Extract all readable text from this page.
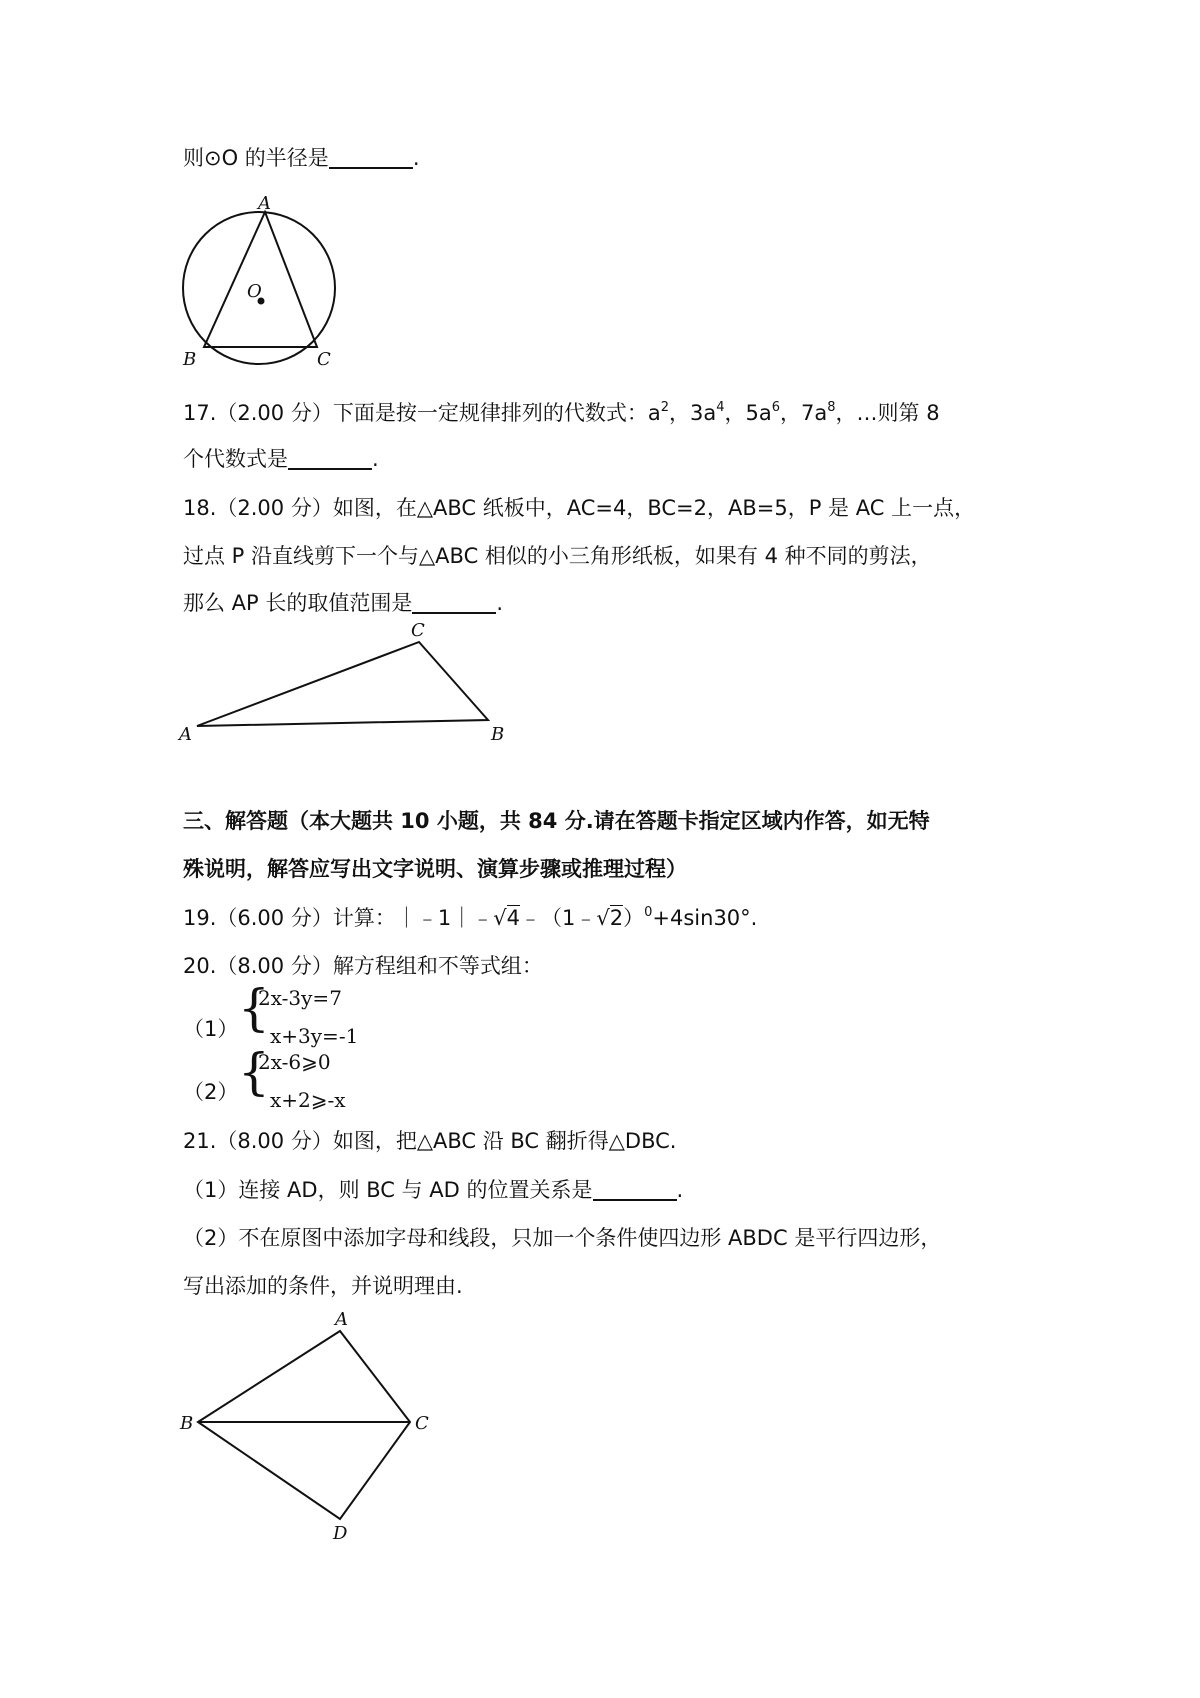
则⊙O 的半径是	.
A
O
B	C
17.（2.00 分）下面是按一定规律排列的代数式：$a^2$，$3a^4$，$5a^6$，$7a^8$，…则第 8
个代数式是	.
18.（2.00 分）如图，在△ABC 纸板中，AC=4，BC=2，AB=5，P 是 AC 上一点，
过点 P 沿直线剪下一个与△ABC 相似的小三角形纸板，如果有 4 种不同的剪法，
那么 AP 长的取值范围是	.
A
C
B
三、解答题（本大题共 10 小题，共 84 分.请在答题卡指定区域内作答，如无特
殊说明，解答应写出文字说明、演算步骤或推理过程）
19.（6.00 分）计算：｜﹣1｜﹣√4﹣（1﹣√2）$^0$+4sin30°.
20.（8.00 分）解方程组和不等式组：
（1） {
2x-3y=7
x+3y=-1
（2） {
2x-6⩾0
x+2⩾-x
21.（8.00 分）如图，把△ABC 沿 BC 翻折得△DBC.
（1）连接 AD，则 BC 与 AD 的位置关系是	.
（2）不在原图中添加字母和线段，只加一个条件使四边形 ABDC 是平行四边形，
写出添加的条件，并说明理由.
A
B	C
D
